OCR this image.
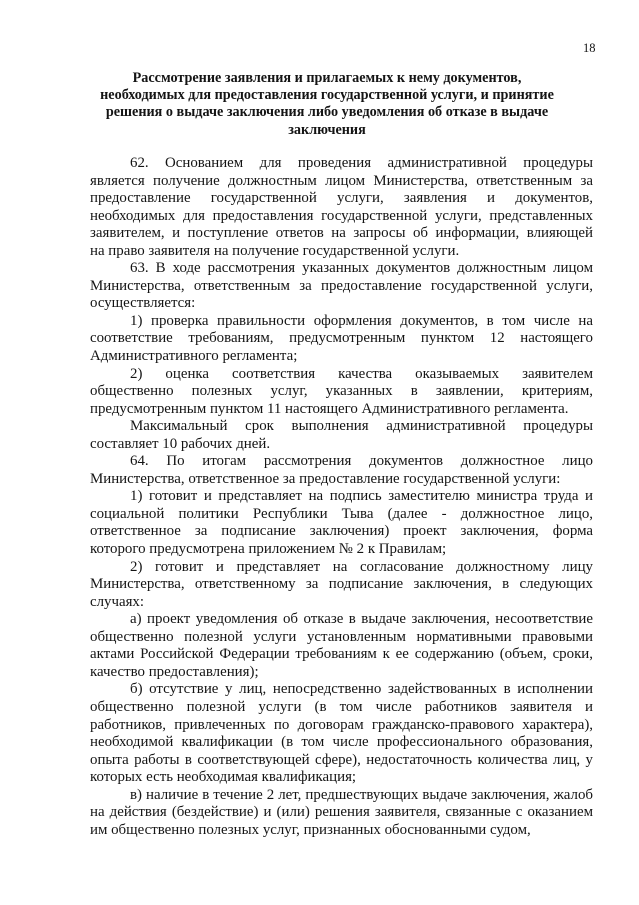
18
Рассмотрение заявления и прилагаемых к нему документов,
необходимых для предоставления государственной услуги, и принятие
решения о выдаче заключения либо уведомления об отказе в выдаче
заключения
62. Основанием для проведения административной процедуры
является получение должностным лицом Министерства, ответственным за
предоставление государственной услуги, заявления и документов,
необходимых для предоставления государственной услуги, представленных
заявителем, и поступление ответов на запросы об информации, влияющей
на право заявителя на получение государственной услуги.
63. В ходе рассмотрения указанных документов должностным лицом
Министерства, ответственным за предоставление государственной услуги,
осуществляется:
1) проверка правильности оформления документов, в том числе на
соответствие требованиям, предусмотренным пунктом 12 настоящего
Административного регламента;
2) оценка соответствия качества оказываемых заявителем
общественно полезных услуг, указанных в заявлении, критериям,
предусмотренным пунктом 11 настоящего Административного регламента.
Максимальный срок выполнения административной процедуры
составляет 10 рабочих дней.
64. По итогам рассмотрения документов должностное лицо
Министерства, ответственное за предоставление государственной услуги:
1) готовит и представляет на подпись заместителю министра труда и
социальной политики Республики Тыва (далее - должностное лицо,
ответственное за подписание заключения) проект заключения, форма
которого предусмотрена приложением № 2 к Правилам;
2) готовит и представляет на согласование должностному лицу
Министерства, ответственному за подписание заключения, в следующих
случаях:
а) проект уведомления об отказе в выдаче заключения, несоответствие
общественно полезной услуги установленным нормативными правовыми
актами Российской Федерации требованиям к ее содержанию (объем, сроки,
качество предоставления);
б) отсутствие у лиц, непосредственно задействованных в исполнении
общественно полезной услуги (в том числе работников заявителя и
работников, привлеченных по договорам гражданско-правового характера),
необходимой квалификации (в том числе профессионального образования,
опыта работы в соответствующей сфере), недостаточность количества лиц, у
которых есть необходимая квалификация;
в) наличие в течение 2 лет, предшествующих выдаче заключения, жалоб
на действия (бездействие) и (или) решения заявителя, связанные с оказанием
им общественно полезных услуг, признанных обоснованными судом,
